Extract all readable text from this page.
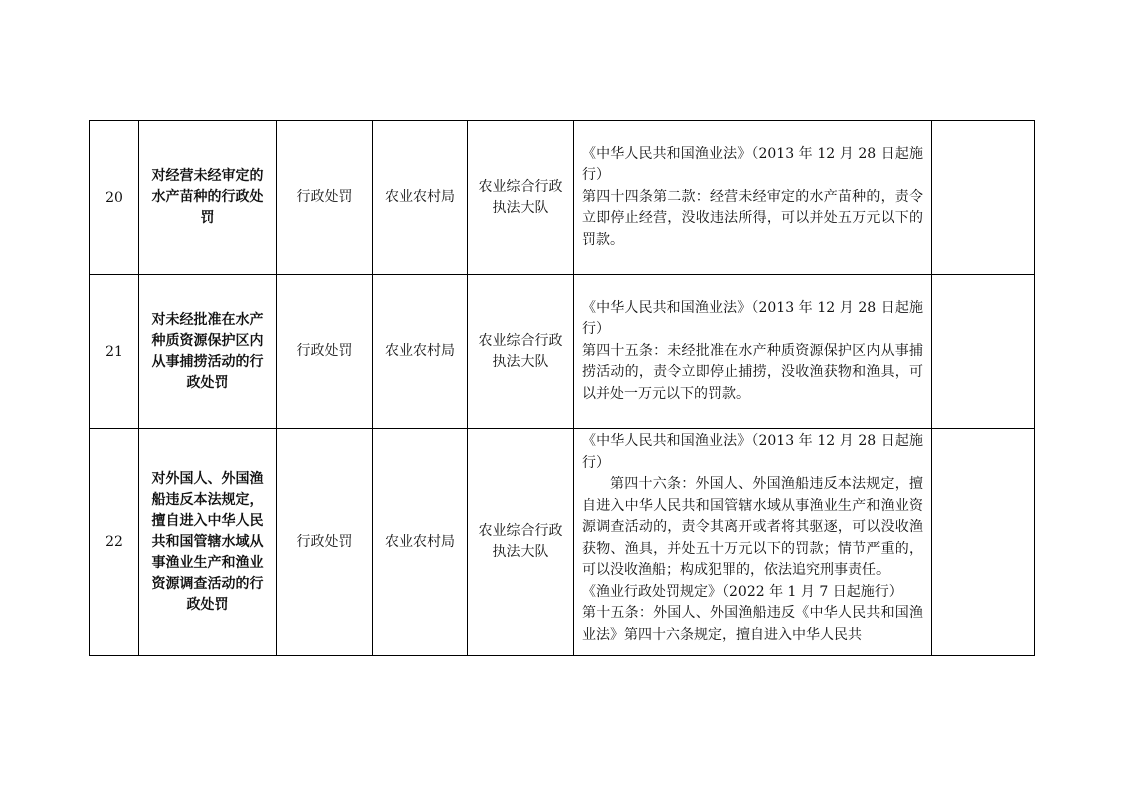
20	对经营未经审定的水产苗种的行政处罚	行政处罚	农业农村局	农业综合行政执法大队	《中华人民共和国渔业法》（2013 年 12 月 28 日起施行）
第四十四条第二款：经营未经审定的水产苗种的，责令立即停止经营，没收违法所得，可以并处五万元以下的罚款。	

21	对未经批准在水产种质资源保护区内从事捕捞活动的行政处罚	行政处罚	农业农村局	农业综合行政执法大队	《中华人民共和国渔业法》（2013 年 12 月 28 日起施行）
第四十五条：未经批准在水产种质资源保护区内从事捕捞活动的，责令立即停止捕捞，没收渔获物和渔具，可以并处一万元以下的罚款。	

22	对外国人、外国渔船违反本法规定，擅自进入中华人民共和国管辖水域从事渔业生产和渔业资源调查活动的行政处罚	行政处罚	农业农村局	农业综合行政执法大队	《中华人民共和国渔业法》（2013 年 12 月 28 日起施行）
第四十六条：外国人、外国渔船违反本法规定，擅自进入中华人民共和国管辖水域从事渔业生产和渔业资源调查活动的，责令其离开或者将其驱逐，可以没收渔获物、渔具，并处五十万元以下的罚款；情节严重的，可以没收渔船；构成犯罪的，依法追究刑事责任。
《渔业行政处罚规定》（2022 年 1 月 7 日起施行）
第十五条：外国人、外国渔船违反《中华人民共和国渔业法》第四十六条规定，擅自进入中华人民共	
